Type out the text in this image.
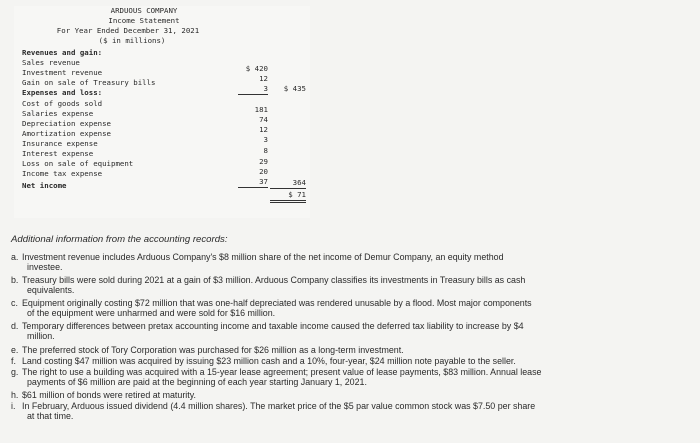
ARDUOUS COMPANY
Income Statement
For Year Ended December 31, 2021
($ in millions)
Revenues and gain:
Sales revenue
$ 420
Investment revenue
12
Gain on sale of Treasury bills
3	$ 435
Expenses and loss:
Cost of goods sold
181
Salaries expense
74
Depreciation expense
12
Amortization expense
3
Insurance expense
8
Interest expense
29
Loss on sale of equipment
20
Income tax expense
37	364
Net income
$ 71
Additional information from the accounting records:
a. Investment revenue includes Arduous Company's $8 million share of the net income of Demur Company, an equity method
investee.
b. Treasury bills were sold during 2021 at a gain of $3 million. Arduous Company classifies its investments in Treasury bills as cash
equivalents.
c. Equipment originally costing $72 million that was one-half depreciated was rendered unusable by a flood. Most major components
of the equipment were unharmed and were sold for $16 million.
d. Temporary differences between pretax accounting income and taxable income caused the deferred tax liability to increase by $4
million.
e. The preferred stock of Tory Corporation was purchased for $26 million as a long-term investment.
f. Land costing $47 million was acquired by issuing $23 million cash and a 10%, four-year, $24 million note payable to the seller.
g. The right to use a building was acquired with a 15-year lease agreement; present value of lease payments, $83 million. Annual lease
payments of $6 million are paid at the beginning of each year starting January 1, 2021.
h. $61 million of bonds were retired at maturity.
i. In February, Arduous issued dividend (4.4 million shares). The market price of the $5 par value common stock was $7.50 per share
at that time.
